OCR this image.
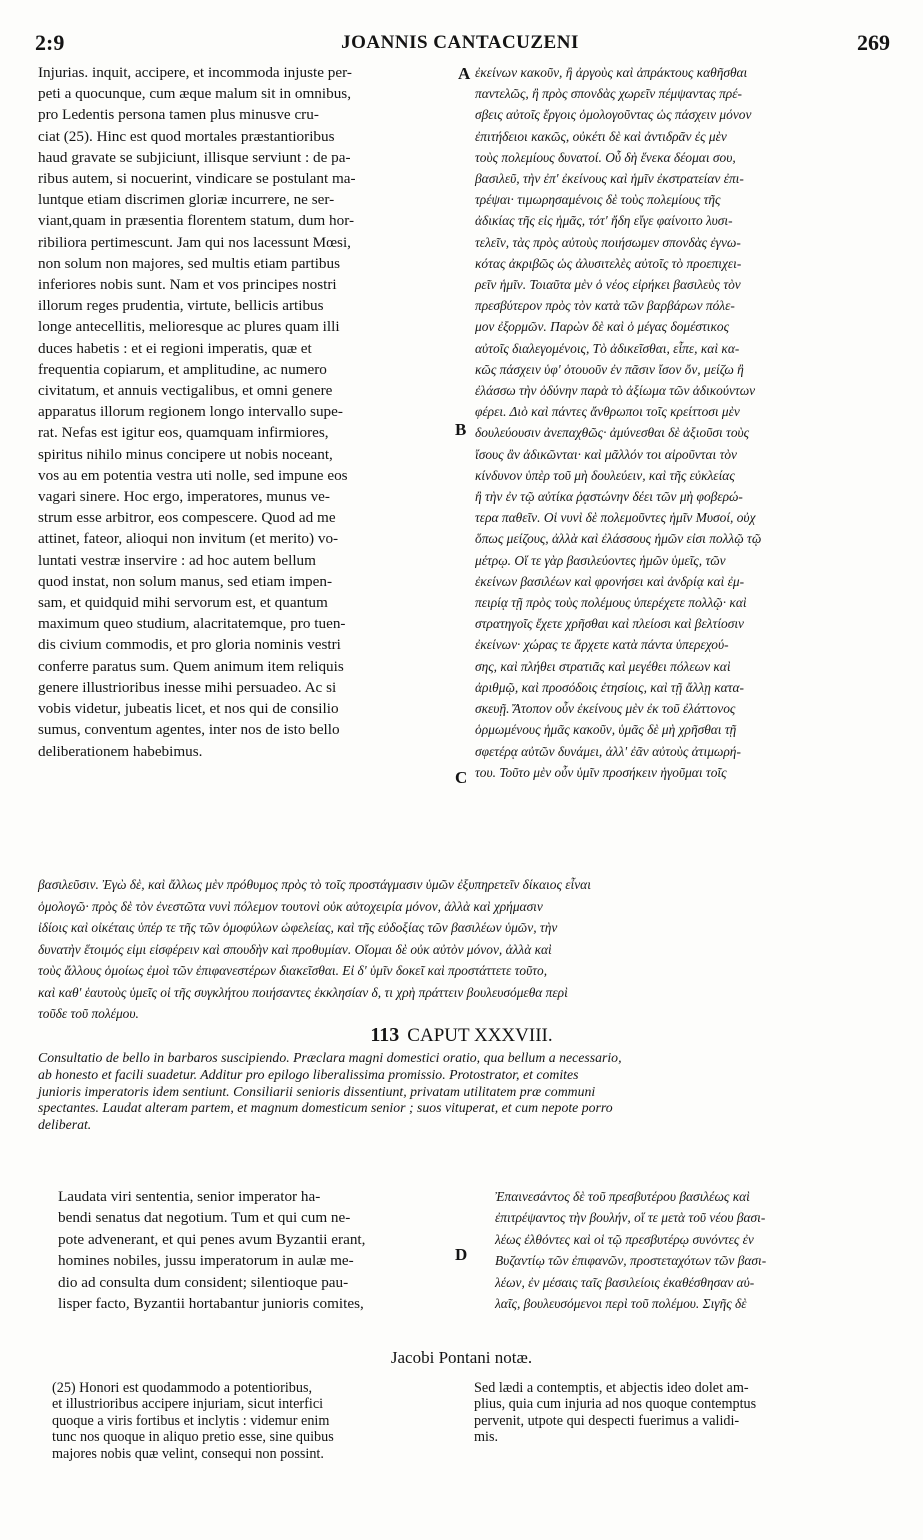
2:9	JOANNIS CANTACUZENI	269

Injurias. inquit, accipere, et incommoda injuste per-

peti a quocunque, cum æque malum sit in omnibus,

pro Ledentis persona tamen plus minusve cru-

ciat (25). Hinc est quod mortales præstantioribus

haud gravate se subjiciunt, illisque serviunt : de pa-

ribus autem, si nocuerint, vindicare se postulant ma-

luntque etiam discrimen gloriæ incurrere, ne ser-

viant,quam in præsentia florentem statum, dum hor-

ribiliora pertimescunt. Jam qui nos lacessunt Mœsi,

non solum non majores, sed multis etiam partibus

inferiores nobis sunt. Nam et vos principes nostri

illorum reges prudentia, virtute, bellicis artibus

longe antecellitis, melioresque ac plures quam illi

duces habetis : et ei regioni imperatis, quæ et

frequentia copiarum, et amplitudine, ac numero

civitatum, et annuis vectigalibus, et omni genere

apparatus illorum regionem longo intervallo supe-

rat. Nefas est igitur eos, quamquam infirmiores,

spiritus nihilo minus concipere ut nobis noceant,

vos au em potentia vestra uti nolle, sed impune eos

vagari sinere. Hoc ergo, imperatores, munus ve-

strum esse arbitror, eos compescere. Quod ad me

attinet, fateor, alioqui non invitum (et merito) vo-

luntati vestræ inservire : ad hoc autem bellum

quod instat, non solum manus, sed etiam impen-

sam, et quidquid mihi servorum est, et quantum

maximum queo studium, alacritatemque, pro tuen-

dis civium commodis, et pro gloria nominis vestri

conferre paratus sum. Quem animum item reliquis

genere illustrioribus inesse mihi persuadeo. Ac si

vobis videtur, jubeatis licet, et nos qui de consilio

sumus, conventum agentes, inter nos de isto bello

deliberationem habebimus.

ἐκείνων κακοῦν, ἢ ἀργοὺς καὶ ἀπράκτους καθῆσθαι

παντελῶς, ἢ πρὸς σπονδὰς χωρεῖν πέμψαντας πρέ-

σβεις αὐτοῖς ἔργοις ὁμολογοῦντας ὡς πάσχειν μόνον

ἐπιτήδειοι κακῶς, οὐκέτι δὲ καὶ ἀντιδρᾶν ἐς μὲν

τοὺς πολεμίους δυνατοί. Οὗ δὴ ἕνεκα δέομαι σου,

βασιλεῦ, τὴν ἐπ' ἐκείνους καὶ ἡμῖν ἐκστρατείαν ἐπι-

τρέψαι· τιμωρησαμένοις δὲ τοὺς πολεμίους τῆς

ἀδικίας τῆς εἰς ἡμᾶς, τότ' ἤδη εἴγε φαίνοιτο λυσι-

τελεῖν, τὰς πρὸς αὐτοὺς ποιήσωμεν σπονδὰς ἐγνω-

κότας ἀκριβῶς ὡς ἀλυσιτελὲς αὐτοῖς τὸ προεπιχει-

ρεῖν ἡμῖν. Τοιαῦτα μὲν ὁ νέος εἰρήκει βασιλεὺς τὸν

πρεσβύτερον πρὸς τὸν κατὰ τῶν βαρβάρων πόλε-

μον ἐξορμῶν. Παρὼν δὲ καὶ ὁ μέγας δομέστικος

αὐτοῖς διαλεγομένοις, Τὸ ἀδικεῖσθαι, εἶπε, καὶ κα-

κῶς πάσχειν ὑφ' ὁτουοῦν ἐν πᾶσιν ἴσον ὄν, μείζω ἢ

ἐλάσσω τὴν ὀδύνην παρὰ τὸ ἀξίωμα τῶν ἀδικούντων

φέρει. Διὸ καὶ πάντες ἄνθρωποι τοῖς κρείττοσι μὲν

δουλεύουσιν ἀνεπαχθῶς· ἀμύνεσθαι δὲ ἀξιοῦσι τοὺς

ἴσους ἂν ἀδικῶνται· καὶ μᾶλλόν τοι αἱροῦνται τὸν

κίνδυνον ὑπὲρ τοῦ μὴ δουλεύειν, καὶ τῆς εὐκλείας

ἢ τὴν ἐν τῷ αὐτίκα ῥᾳστώνην δέει τῶν μὴ φοβερώ-

τερα παθεῖν. Οἱ νυνὶ δὲ πολεμοῦντες ἡμῖν Μυσοί, οὐχ

ὅπως μείζους, ἀλλὰ καὶ ἐλάσσους ἡμῶν εἰσι πολλῷ τῷ

μέτρῳ. Οἵ τε γὰρ βασιλεύοντες ἡμῶν ὑμεῖς, τῶν

ἐκείνων βασιλέων καὶ φρονήσει καὶ ἀνδρίᾳ καὶ ἐμ-

πειρίᾳ τῇ πρὸς τοὺς πολέμους ὑπερέχετε πολλῷ· καὶ

στρατηγοῖς ἔχετε χρῆσθαι καὶ πλείοσι καὶ βελτίοσιν

ἐκείνων· χώρας τε ἄρχετε κατὰ πάντα ὑπερεχού-

σης, καὶ πλήθει στρατιᾶς καὶ μεγέθει πόλεων καὶ

ἀριθμῷ, καὶ προσόδοις ἐτησίοις, καὶ τῇ ἄλλῃ κατα-

σκευῇ. Ἄτοπον οὖν ἐκείνους μὲν ἐκ τοῦ ἐλάττονος

ὁρμωμένους ἡμᾶς κακοῦν, ὑμᾶς δὲ μὴ χρῆσθαι τῇ

σφετέρᾳ αὐτῶν δυνάμει, ἀλλ' ἐᾶν αὐτοὺς ἀτιμωρή-

του. Τοῦτο μὲν οὖν ὑμῖν προσήκειν ἡγοῦμαι τοῖς

A
B
C
D

βασιλεῦσιν. Ἐγὼ δὲ, καὶ ἄλλως μὲν πρόθυμος πρὸς τὸ τοῖς προστάγμασιν ὑμῶν ἐξυπηρετεῖν δίκαιος εἶναι

ὁμολογῶ· πρὸς δὲ τὸν ἐνεστῶτα νυνὶ πόλεμον τουτονὶ οὐκ αὐτοχειρία μόνον, ἀλλὰ καὶ χρήμασιν

ἰδίοις καὶ οἰκέταις ὑπέρ τε τῆς τῶν ὁμοφύλων ὠφελείας, καὶ τῆς εὐδοξίας τῶν βασιλέων ὑμῶν, τὴν

δυνατὴν ἕτοιμός εἰμι εἰσφέρειν καὶ σπουδὴν καὶ προθυμίαν. Οἴομαι δὲ οὐκ αὐτὸν μόνον, ἀλλὰ καὶ

τοὺς ἄλλους ὁμοίως ἐμοὶ τῶν ἐπιφανεστέρων διακεῖσθαι. Εἰ δ' ὑμῖν δοκεῖ καὶ προστάττετε τοῦτο,

καὶ καθ' ἑαυτοὺς ὑμεῖς οἱ τῆς συγκλήτου ποιήσαντες ἐκκλησίαν δ, τι χρὴ πράττειν βουλευσόμεθα περὶ

τοῦδε τοῦ πολέμου.

113 CAPUT XXXVIII.

Consultatio de bello in barbaros suscipiendo. Præclara magni domestici oratio, qua bellum a necessario,

ab honesto et facili suadetur. Additur pro epilogo liberalissima promissio. Protostrator, et comites

junioris imperatoris idem sentiunt. Consiliarii senioris dissentiunt, privatam utilitatem præ communi

spectantes. Laudat alteram partem, et magnum domesticum senior ; suos vituperat, et cum nepote porro

deliberat.

Laudata viri sententia, senior imperator ha-

bendi senatus dat negotium. Tum et qui cum ne-

pote advenerant, et qui penes avum Byzantii erant,

homines nobiles, jussu imperatorum in aulæ me-

dio ad consulta dum consident; silentioque pau-

lisper facto, Byzantii hortabantur junioris comites,

Ἐπαινεσάντος δὲ τοῦ πρεσβυτέρου βασιλέως καὶ

ἐπιτρέψαντος τὴν βουλήν, οἵ τε μετὰ τοῦ νέου βασι-

λέως ἐλθόντες καὶ οἱ τῷ πρεσβυτέρῳ συνόντες ἐν

Βυζαντίῳ τῶν ἐπιφανῶν, προστεταχότων τῶν βασι-

λέων, ἐν μέσαις ταῖς βασιλείοις ἐκαθέσθησαν αὐ-

λαῖς, βουλευσόμενοι περὶ τοῦ πολέμου. Σιγῆς δὲ

Jacobi Pontani notæ.

(25) Honori est quodammodo a potentioribus,

et illustrioribus accipere injuriam, sicut interfici

quoque a viris fortibus et inclytis : videmur enim

tunc nos quoque in aliquo pretio esse, sine quibus

majores nobis quæ velint, consequi non possint.

Sed lædi a contemptis, et abjectis ideo dolet am-

plius, quia cum injuria ad nos quoque contemptus

pervenit, utpote qui despecti fuerimus a validi-

mis.
